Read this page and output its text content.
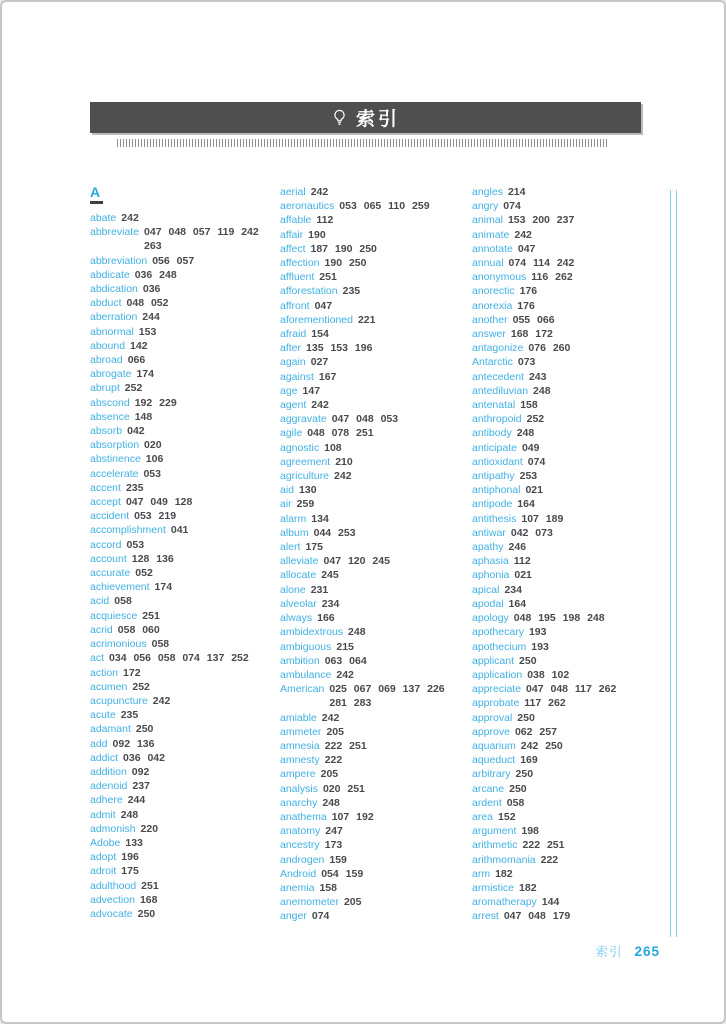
索引
A
abate 242
abbreviate 047 048 057 119 242 263
abbreviation 056 057
abdicate 036 248
abdication 036
abduct 048 052
aberration 244
abnormal 153
abound 142
abroad 066
abrogate 174
abrupt 252
abscond 192 229
absence 148
absorb 042
absorption 020
abstinence 106
accelerate 053
accent 235
accept 047 049 128
accident 053 219
accomplishment 041
accord 053
account 128 136
accurate 052
achievement 174
acid 058
acquiesce 251
acrid 058 060
acrimonious 058
act 034 056 058 074 137 252
action 172
acumen 252
acupuncture 242
acute 235
adamant 250
add 092 136
addict 036 042
addition 092
adenoid 237
adhere 244
admit 248
admonish 220
Adobe 133
adopt 196
adroit 175
adulthood 251
advection 168
advocate 250
aerial 242
aeronautics 053 065 110 259
affable 112
affair 190
affect 187 190 250
affection 190 250
affluent 251
afforestation 235
affront 047
aforementioned 221
afraid 154
after 135 153 196
again 027
against 167
age 147
agent 242
aggravate 047 048 053
agile 048 078 251
agnostic 108
agreement 210
agriculture 242
aid 130
air 259
alarm 134
album 044 253
alert 175
alleviate 047 120 245
allocate 245
alone 231
alveolar 234
always 166
ambidextrous 248
ambiguous 215
ambition 063 064
ambulance 242
American 025 067 069 137 226 281 283
amiable 242
ammeter 205
amnesia 222 251
amnesty 222
ampere 205
analysis 020 251
anarchy 248
anathema 107 192
anatomy 247
ancestry 173
androgen 159
Android 054 159
anemia 158
anemometer 205
anger 074
angles 214
angry 074
animal 153 200 237
animate 242
annotate 047
annual 074 114 242
anonymous 116 262
anorectic 176
anorexia 176
another 055 066
answer 168 172
antagonize 076 260
Antarctic 073
antecedent 243
antediluvian 248
antenatal 158
anthropoid 252
antibody 248
anticipate 049
antioxidant 074
antipathy 253
antiphonal 021
antipode 164
antithesis 107 189
antiwar 042 073
apathy 246
aphasia 112
aphonia 021
apical 234
apodal 164
apology 048 195 198 248
apothecary 193
apothecium 193
applicant 250
application 038 102
appreciate 047 048 117 262
approbate 117 262
approval 250
approve 062 257
aquarium 242 250
aqueduct 169
arbitrary 250
arcane 250
ardent 058
area 152
argument 198
arithmetic 222 251
arithmomania 222
arm 182
armistice 182
aromatherapy 144
arrest 047 048 179
索引 265
